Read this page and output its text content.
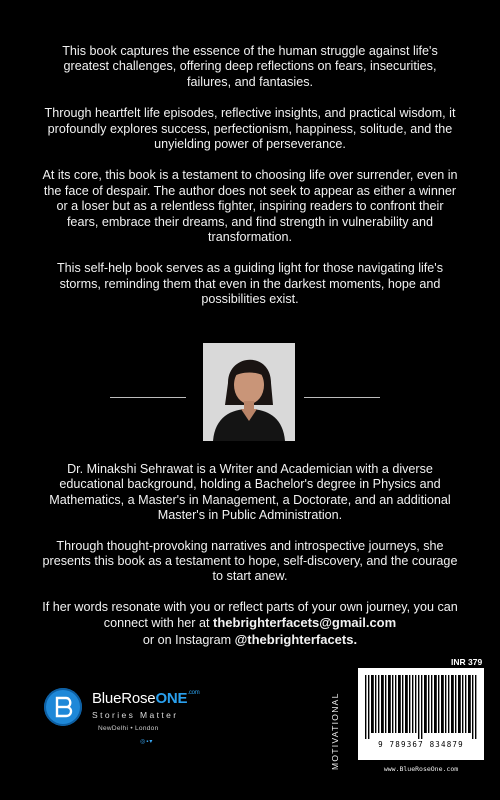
This book captures the essence of the human struggle against life's greatest challenges, offering deep reflections on fears, insecurities, failures, and fantasies.

Through heartfelt life episodes, reflective insights, and practical wisdom, it profoundly explores success, perfectionism, happiness, solitude, and the unyielding power of perseverance.

At its core, this book is a testament to choosing life over surrender, even in the face of despair. The author does not seek to appear as either a winner or a loser but as a relentless fighter, inspiring readers to confront their fears, embrace their dreams, and find strength in vulnerability and transformation.

This self-help book serves as a guiding light for those navigating life's storms, reminding them that even in the darkest moments, hope and possibilities exist.

Dr. Minakshi Sehrawat is a Writer and Academician with a diverse educational background, holding a Bachelor's degree in Physics and Mathematics, a Master's in Management, a Doctorate, and an additional Master's in Public Administration.

Through thought-provoking narratives and introspective journeys, she presents this book as a testament to hope, self-discovery, and the courage to start anew.

If her words resonate with you or reflect parts of your own journey, you can connect with her at thebrighterfacets@gmail.com
or on Instagram @thebrighterfacets.

BlueRoseONE$^{.com}$
Stories Matter
NewDelhi • London
◎▪▾	MOTIVATIONAL
INR 379
9 789367 834879
www.BlueRoseOne.com
